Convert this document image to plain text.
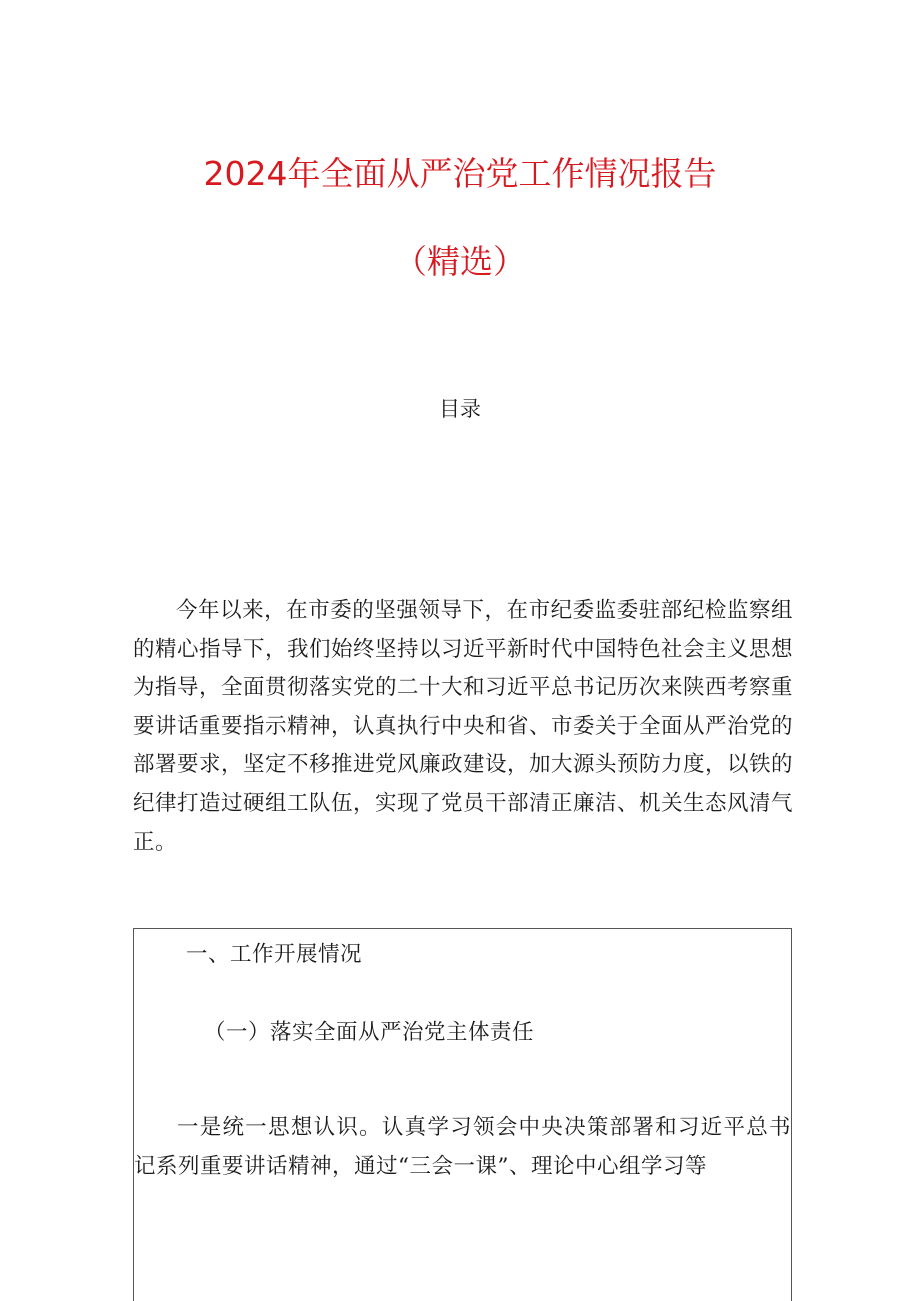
2024年全面从严治党工作情况报告
（精选）
目录

今年以来，在市委的坚强领导下，在市纪委监委驻部纪检监察组的精心指导下，我们始终坚持以习近平新时代中国特色社会主义思想为指导，全面贯彻落实党的二十大和习近平总书记历次来陕西考察重要讲话重要指示精神，认真执行中央和省、市委关于全面从严治党的部署要求，坚定不移推进党风廉政建设，加大源头预防力度，以铁的纪律打造过硬组工队伍，实现了党员干部清正廉洁、机关生态风清气正。

一、工作开展情况
（一）落实全面从严治党主体责任

一是统一思想认识。认真学习领会中央决策部署和习近平总书记系列重要讲话精神，通过“三会一课”、理论中心组学习等
